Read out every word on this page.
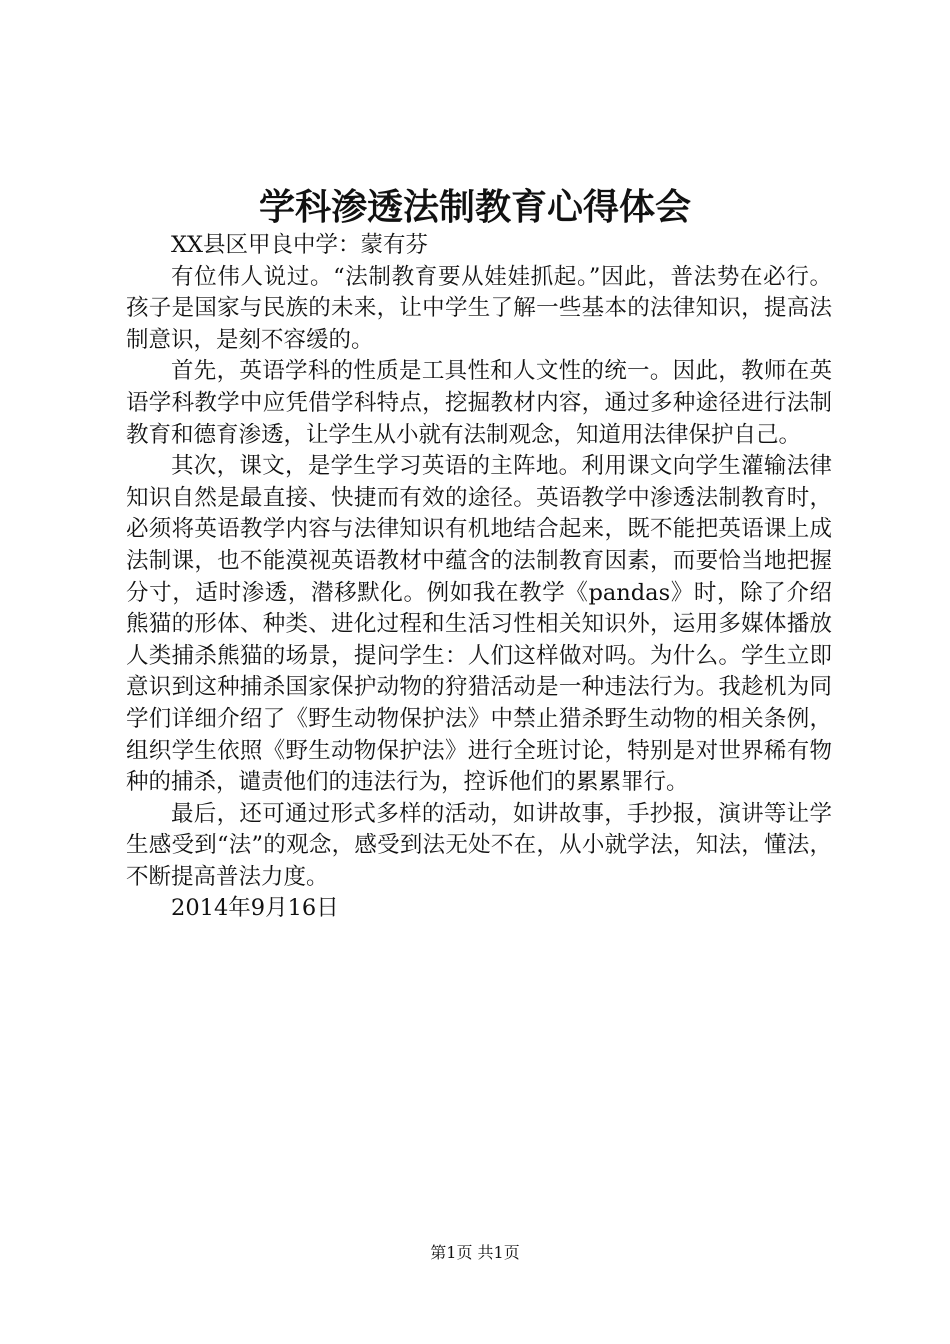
学科渗透法制教育心得体会

XX县区甲良中学：蒙有芬

有位伟人说过。“法制教育要从娃娃抓起。”因此，普法势在必行。孩子是国家与民族的未来，让中学生了解一些基本的法律知识，提高法制意识，是刻不容缓的。

首先，英语学科的性质是工具性和人文性的统一。因此，教师在英语学科教学中应凭借学科特点，挖掘教材内容，通过多种途径进行法制教育和德育渗透，让学生从小就有法制观念，知道用法律保护自己。

其次，课文，是学生学习英语的主阵地。利用课文向学生灌输法律知识自然是最直接、快捷而有效的途径。英语教学中渗透法制教育时，必须将英语教学内容与法律知识有机地结合起来，既不能把英语课上成法制课，也不能漠视英语教材中蕴含的法制教育因素，而要恰当地把握分寸，适时渗透，潜移默化。例如我在教学《pandas》时，除了介绍熊猫的形体、种类、进化过程和生活习性相关知识外，运用多媒体播放人类捕杀熊猫的场景，提问学生：人们这样做对吗。为什么。学生立即意识到这种捕杀国家保护动物的狩猎活动是一种违法行为。我趁机为同学们详细介绍了《野生动物保护法》中禁止猎杀野生动物的相关条例，组织学生依照《野生动物保护法》进行全班讨论，特别是对世界稀有物种的捕杀，谴责他们的违法行为，控诉他们的累累罪行。

最后，还可通过形式多样的活动，如讲故事，手抄报，演讲等让学生感受到“法”的观念，感受到法无处不在，从小就学法，知法，懂法，不断提高普法力度。

2014年9月16日

第1页 共1页
